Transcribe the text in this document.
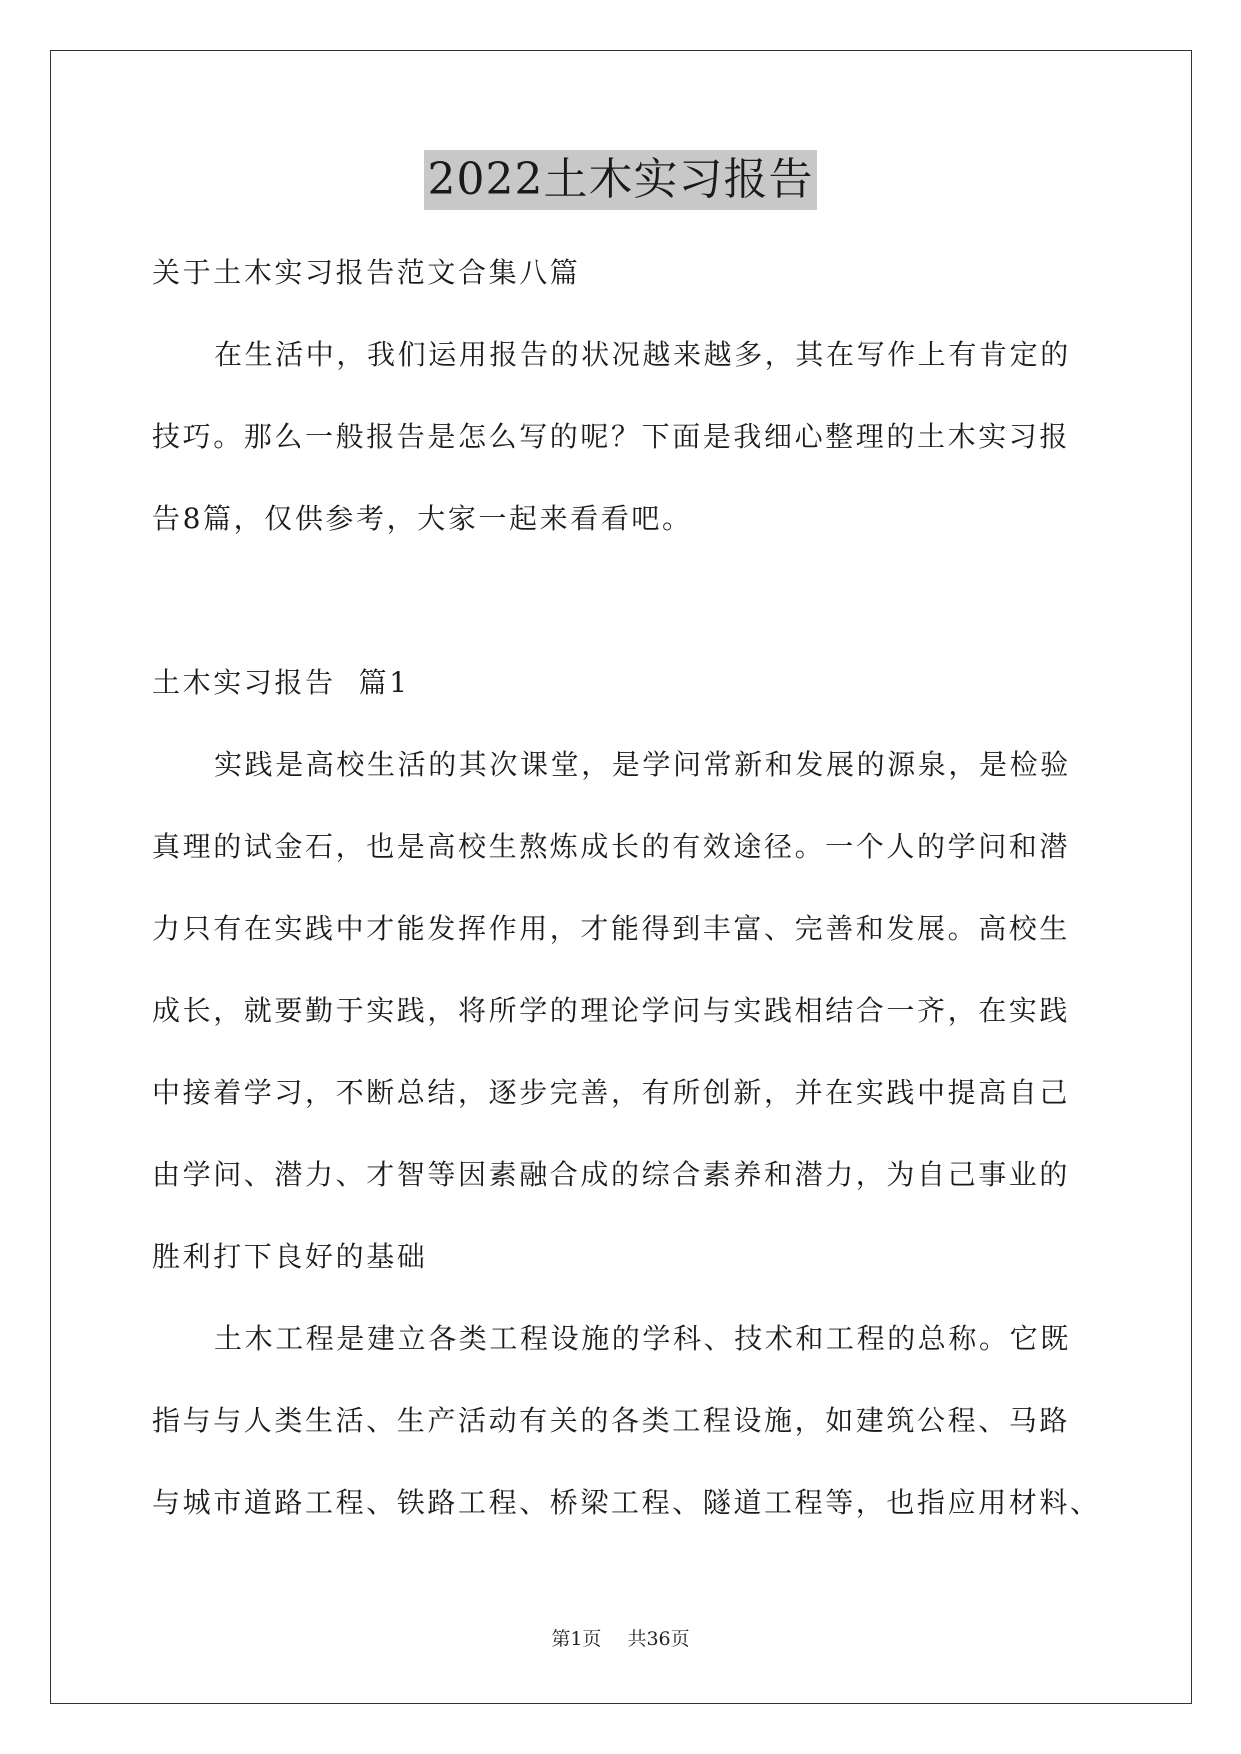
2022土木实习报告
关于土木实习报告范文合集八篇
在生活中，我们运用报告的状况越来越多，其在写作上有肯定的
技巧。那么一般报告是怎么写的呢？下面是我细心整理的土木实习报
告8篇，仅供参考，大家一起来看看吧。
土木实习报告  篇1
实践是高校生活的其次课堂，是学问常新和发展的源泉，是检验
真理的试金石，也是高校生熬炼成长的有效途径。一个人的学问和潜
力只有在实践中才能发挥作用，才能得到丰富、完善和发展。高校生
成长，就要勤于实践，将所学的理论学问与实践相结合一齐，在实践
中接着学习，不断总结，逐步完善，有所创新，并在实践中提高自己
由学问、潜力、才智等因素融合成的综合素养和潜力，为自己事业的
胜利打下良好的基础
土木工程是建立各类工程设施的学科、技术和工程的总称。它既
指与与人类生活、生产活动有关的各类工程设施，如建筑公程、马路
与城市道路工程、铁路工程、桥梁工程、隧道工程等，也指应用材料、
第1页 共36页
